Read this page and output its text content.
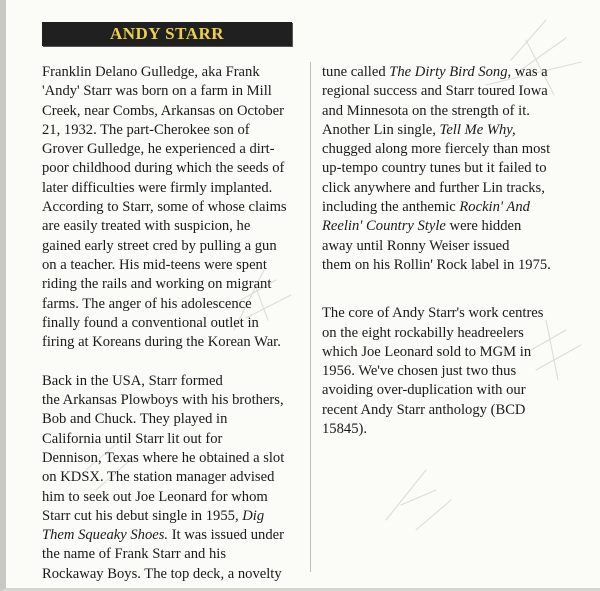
ANDY STARR

Franklin Delano Gulledge, aka Frank
'Andy' Starr was born on a farm in Mill
Creek, near Combs, Arkansas on October
21, 1932. The part-Cherokee son of
Grover Gulledge, he experienced a dirt-
poor childhood during which the seeds of
later difficulties were firmly implanted.
According to Starr, some of whose claims
are easily treated with suspicion, he
gained early street cred by pulling a gun
on a teacher. His mid-teens were spent
riding the rails and working on migrant
farms. The anger of his adolescence
finally found a conventional outlet in
firing at Koreans during the Korean War.

Back in the USA, Starr formed
the Arkansas Plowboys with his brothers,
Bob and Chuck. They played in
California until Starr lit out for
Dennison, Texas where he obtained a slot
on KDSX. The station manager advised
him to seek out Joe Leonard for whom
Starr cut his debut single in 1955, Dig
Them Squeaky Shoes. It was issued under
the name of Frank Starr and his
Rockaway Boys. The top deck, a novelty

tune called The Dirty Bird Song, was a
regional success and Starr toured Iowa
and Minnesota on the strength of it.
Another Lin single, Tell Me Why,
chugged along more fiercely than most
up-tempo country tunes but it failed to
click anywhere and further Lin tracks,
including the anthemic Rockin' And
Reelin' Country Style were hidden
away until Ronny Weiser issued
them on his Rollin' Rock label in 1975.

The core of Andy Starr's work centres
on the eight rockabilly headreelers
which Joe Leonard sold to MGM in
1956. We've chosen just two thus
avoiding over-duplication with our
recent Andy Starr anthology (BCD
15845).
